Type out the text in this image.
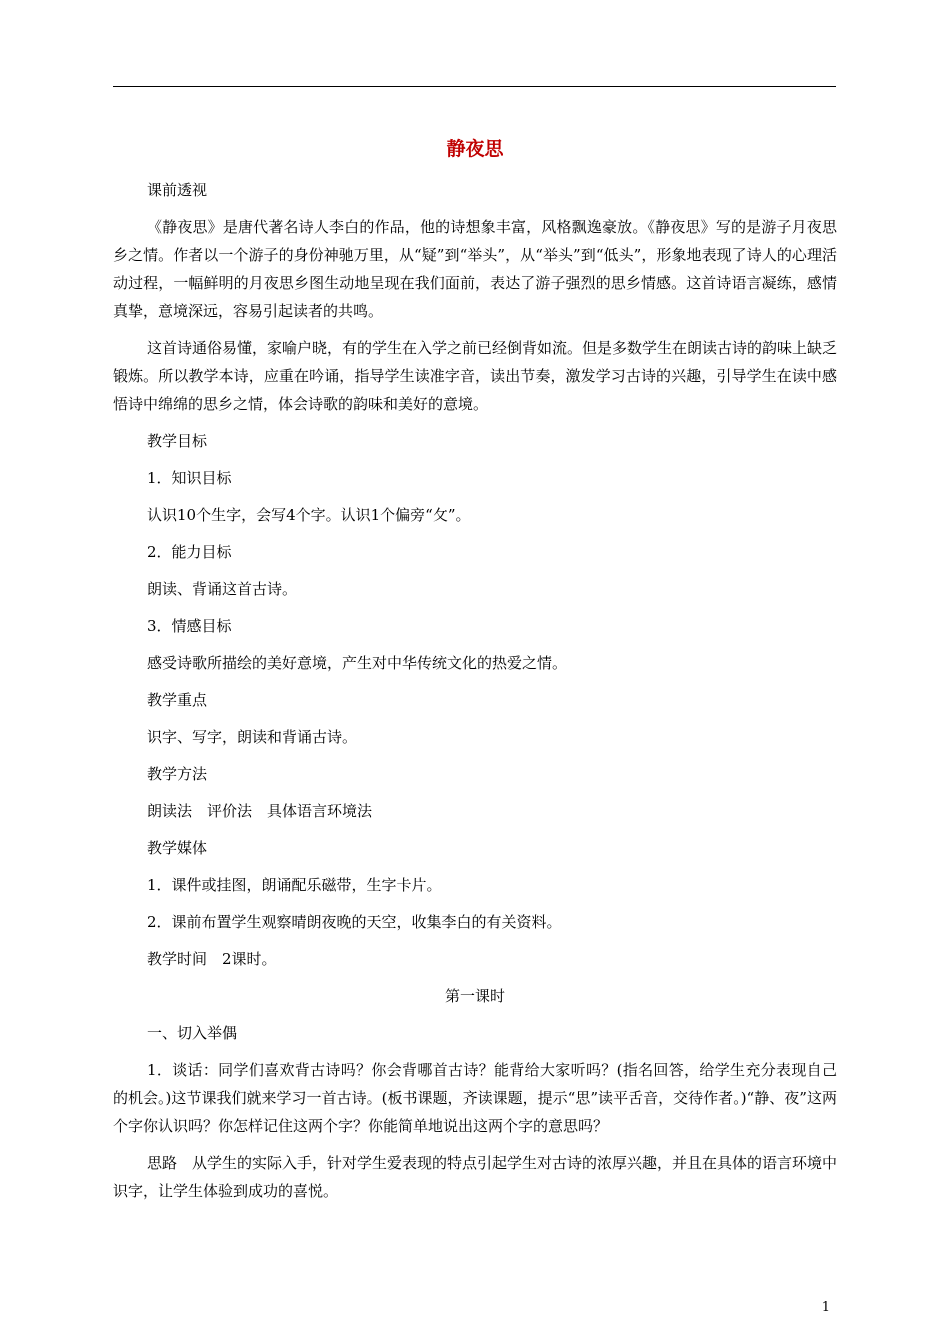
静夜思

课前透视

《静夜思》是唐代著名诗人李白的作品，他的诗想象丰富，风格飘逸豪放。《静夜思》写的是游子月夜思乡之情。作者以一个游子的身份神驰万里，从“疑”到“举头”，从“举头”到“低头”，形象地表现了诗人的心理活动过程，一幅鲜明的月夜思乡图生动地呈现在我们面前，表达了游子强烈的思乡情感。这首诗语言凝练，感情真挚，意境深远，容易引起读者的共鸣。

这首诗通俗易懂，家喻户晓，有的学生在入学之前已经倒背如流。但是多数学生在朗读古诗的韵味上缺乏锻炼。所以教学本诗，应重在吟诵，指导学生读准字音，读出节奏，激发学习古诗的兴趣，引导学生在读中感悟诗中绵绵的思乡之情，体会诗歌的韵味和美好的意境。

教学目标

1．知识目标

认识10个生字，会写4个字。认识1个偏旁“攵”。

2．能力目标

朗读、背诵这首古诗。

3．情感目标

感受诗歌所描绘的美好意境，产生对中华传统文化的热爱之情。

教学重点

识字、写字，朗读和背诵古诗。

教学方法

朗读法　评价法　具体语言环境法

教学媒体

1．课件或挂图，朗诵配乐磁带，生字卡片。

2．课前布置学生观察晴朗夜晚的天空，收集李白的有关资料。

教学时间　2课时。

第一课时

一、切入举偶

1．谈话：同学们喜欢背古诗吗？你会背哪首古诗？能背给大家听吗？(指名回答，给学生充分表现自己的机会。)这节课我们就来学习一首古诗。(板书课题，齐读课题，提示“思”读平舌音，交待作者。)“静、夜”这两个字你认识吗？你怎样记住这两个字？你能简单地说出这两个字的意思吗？

思路　从学生的实际入手，针对学生爱表现的特点引起学生对古诗的浓厚兴趣，并且在具体的语言环境中识字，让学生体验到成功的喜悦。

1
